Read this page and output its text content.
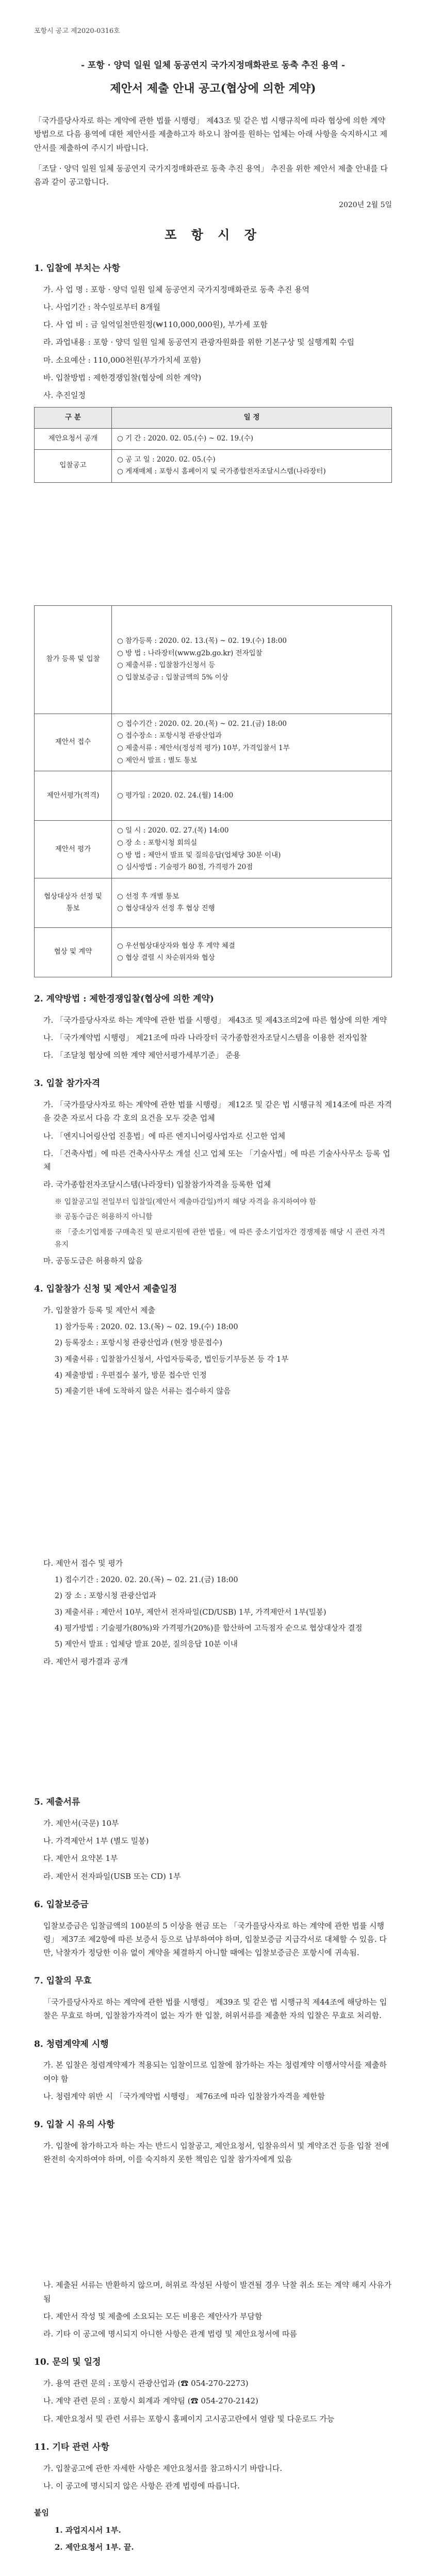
포항시 공고 제2020-0316호
- 포항 · 양덕 일원 일체 동공연지 국가지정매화관로 동축 추진 용역 -
제안서 제출 안내 공고(협상에 의한 계약)

「국가를당사자로 하는 계약에 관한 법률 시행령」 제43조 및 같은 법 시행규칙에 따라 협상에 의한 계약 방법으로 다음 용역에 대한 제안서를 제출하고자 하오니 참여를 원하는 업체는 아래 사항을 숙지하시고 제안서를 제출하여 주시기 바랍니다.

「조달 · 양덕 일원 일체 동공연지 국가지정매화관로 동축 추진 용역」 추진을 위한 제안서 제출 안내를 다음과 같이 공고합니다.

2020년 2월 5일
포 항 시 장
1. 입찰에 부치는 사항
가. 사 업 명 : 포항 · 양덕 일원 일체 동공연지 국가지정매화관로 동축 추진 용역
나. 사업기간 : 착수일로부터 8개월
다. 사 업 비 : 금 일억일천만원정(₩110,000,000원), 부가세 포함
라. 과업내용 : 포항 · 양덕 일원 일체 동공연지 관광자원화를 위한 기본구상 및 실행계획 수립
마. 소요예산 : 110,000천원(부가가치세 포함)
바. 입찰방법 : 제한경쟁입찰(협상에 의한 계약)
사. 추진일정
구 분	일 정
제안요청서 공개	○ 기 간 : 2020. 02. 05.(수) ~ 02. 19.(수)
입찰공고	○ 공 고 일 : 2020. 02. 05.(수)
○ 게재매체 : 포항시 홈페이지 및 국가종합전자조달시스템(나라장터)
참가 등록 및 입찰	○ 참가등록 : 2020. 02. 13.(목) ~ 02. 19.(수) 18:00
○ 방 법 : 나라장터(www.g2b.go.kr) 전자입찰
○ 제출서류 : 입찰참가신청서 등
○ 입찰보증금 : 입찰금액의 5% 이상
제안서 접수	○ 접수기간 : 2020. 02. 20.(목) ~ 02. 21.(금) 18:00
○ 접수장소 : 포항시청 관광산업과
○ 제출서류 : 제안서(정성적 평가) 10부, 가격입찰서 1부
○ 제안서 발표 : 별도 통보
제안서평가(적격)	○ 평가일 : 2020. 02. 24.(월) 14:00
제안서 평가	○ 일 시 : 2020. 02. 27.(목) 14:00
○ 장 소 : 포항시청 회의실
○ 방 법 : 제안서 발표 및 질의응답(업체당 30분 이내)
○ 심사방법 : 기술평가 80점, 가격평가 20점
협상대상자 선정 및 통보	○ 선정 후 개별 통보
○ 협상대상자 선정 후 협상 진행
협상 및 계약	○ 우선협상대상자와 협상 후 계약 체결
○ 협상 결렬 시 차순위자와 협상
2. 계약방법 : 제한경쟁입찰(협상에 의한 계약)
가. 「국가를당사자로 하는 계약에 관한 법률 시행령」 제43조 및 제43조의2에 따른 협상에 의한 계약
나. 「국가계약법 시행령」 제21조에 따라 나라장터 국가종합전자조달시스템을 이용한 전자입찰
다. 「조달청 협상에 의한 계약 제안서평가세부기준」 준용
3. 입찰 참가자격
가. 「국가를당사자로 하는 계약에 관한 법률 시행령」 제12조 및 같은 법 시행규칙 제14조에 따른 자격을 갖춘 자로서 다음 각 호의 요건을 모두 갖춘 업체
나. 「엔지니어링산업 진흥법」에 따른 엔지니어링사업자로 신고한 업체
다. 「건축사법」에 따른 건축사사무소 개설 신고 업체 또는 「기술사법」에 따른 기술사사무소 등록 업체
라. 국가종합전자조달시스템(나라장터) 입찰참가자격을 등록한 업체
※ 입찰공고일 전일부터 입찰일(제안서 제출마감일)까지 해당 자격을 유지하여야 함
※ 공동수급은 허용하지 아니함
※ 「중소기업제품 구매촉진 및 판로지원에 관한 법률」에 따른 중소기업자간 경쟁제품 해당 시 관련 자격 유지
마. 공동도급은 허용하지 않음
4. 입찰참가 신청 및 제안서 제출일정
가. 입찰참가 등록 및 제안서 제출
1) 참가등록 : 2020. 02. 13.(목) ~ 02. 19.(수) 18:00
2) 등록장소 : 포항시청 관광산업과 (현장 방문접수)
3) 제출서류 : 입찰참가신청서, 사업자등록증, 법인등기부등본 등 각 1부
4) 제출방법 : 우편접수 불가, 방문 접수만 인정
5) 제출기한 내에 도착하지 않은 서류는 접수하지 않음
다. 제안서 접수 및 평가
1) 접수기간 : 2020. 02. 20.(목) ~ 02. 21.(금) 18:00
2) 장 소 : 포항시청 관광산업과
3) 제출서류 : 제안서 10부, 제안서 전자파일(CD/USB) 1부, 가격제안서 1부(밀봉)
4) 평가방법 : 기술평가(80%)와 가격평가(20%)를 합산하여 고득점자 순으로 협상대상자 결정
5) 제안서 발표 : 업체당 발표 20분, 질의응답 10분 이내
라. 제안서 평가결과 공개
5. 제출서류
가. 제안서(국문) 10부
나. 가격제안서 1부 (별도 밀봉)
다. 제안서 요약본 1부
라. 제안서 전자파일(USB 또는 CD) 1부
6. 입찰보증금
입찰보증금은 입찰금액의 100분의 5 이상을 현금 또는 「국가를당사자로 하는 계약에 관한 법률 시행령」 제37조 제2항에 따른 보증서 등으로 납부하여야 하며, 입찰보증금 지급각서로 대체할 수 있음. 다만, 낙찰자가 정당한 이유 없이 계약을 체결하지 아니할 때에는 입찰보증금은 포항시에 귀속됨.
7. 입찰의 무효
「국가를당사자로 하는 계약에 관한 법률 시행령」 제39조 및 같은 법 시행규칙 제44조에 해당하는 입찰은 무효로 하며, 입찰참가자격이 없는 자가 한 입찰, 허위서류를 제출한 자의 입찰은 무효로 처리함.
8. 청렴계약제 시행
가. 본 입찰은 청렴계약제가 적용되는 입찰이므로 입찰에 참가하는 자는 청렴계약 이행서약서를 제출하여야 함
나. 청렴계약 위반 시 「국가계약법 시행령」 제76조에 따라 입찰참가자격을 제한함
9. 입찰 시 유의 사항
가. 입찰에 참가하고자 하는 자는 반드시 입찰공고, 제안요청서, 입찰유의서 및 계약조건 등을 입찰 전에 완전히 숙지하여야 하며, 이를 숙지하지 못한 책임은 입찰 참가자에게 있음
나. 제출된 서류는 반환하지 않으며, 허위로 작성된 사항이 발견될 경우 낙찰 취소 또는 계약 해지 사유가 됨
다. 제안서 작성 및 제출에 소요되는 모든 비용은 제안사가 부담함
라. 기타 이 공고에 명시되지 아니한 사항은 관계 법령 및 제안요청서에 따름
10. 문의 및 일정
가. 용역 관련 문의 : 포항시 관광산업과 (☎ 054-270-2273)
나. 계약 관련 문의 : 포항시 회계과 계약팀 (☎ 054-270-2142)
다. 제안요청서 및 관련 서류는 포항시 홈페이지 고시공고란에서 열람 및 다운로드 가능
11. 기타 관련 사항
가. 입찰공고에 관한 자세한 사항은 제안요청서를 참고하시기 바랍니다.
나. 이 공고에 명시되지 않은 사항은 관계 법령에 따릅니다.
붙임
1. 과업지시서 1부.
2. 제안요청서 1부. 끝.
